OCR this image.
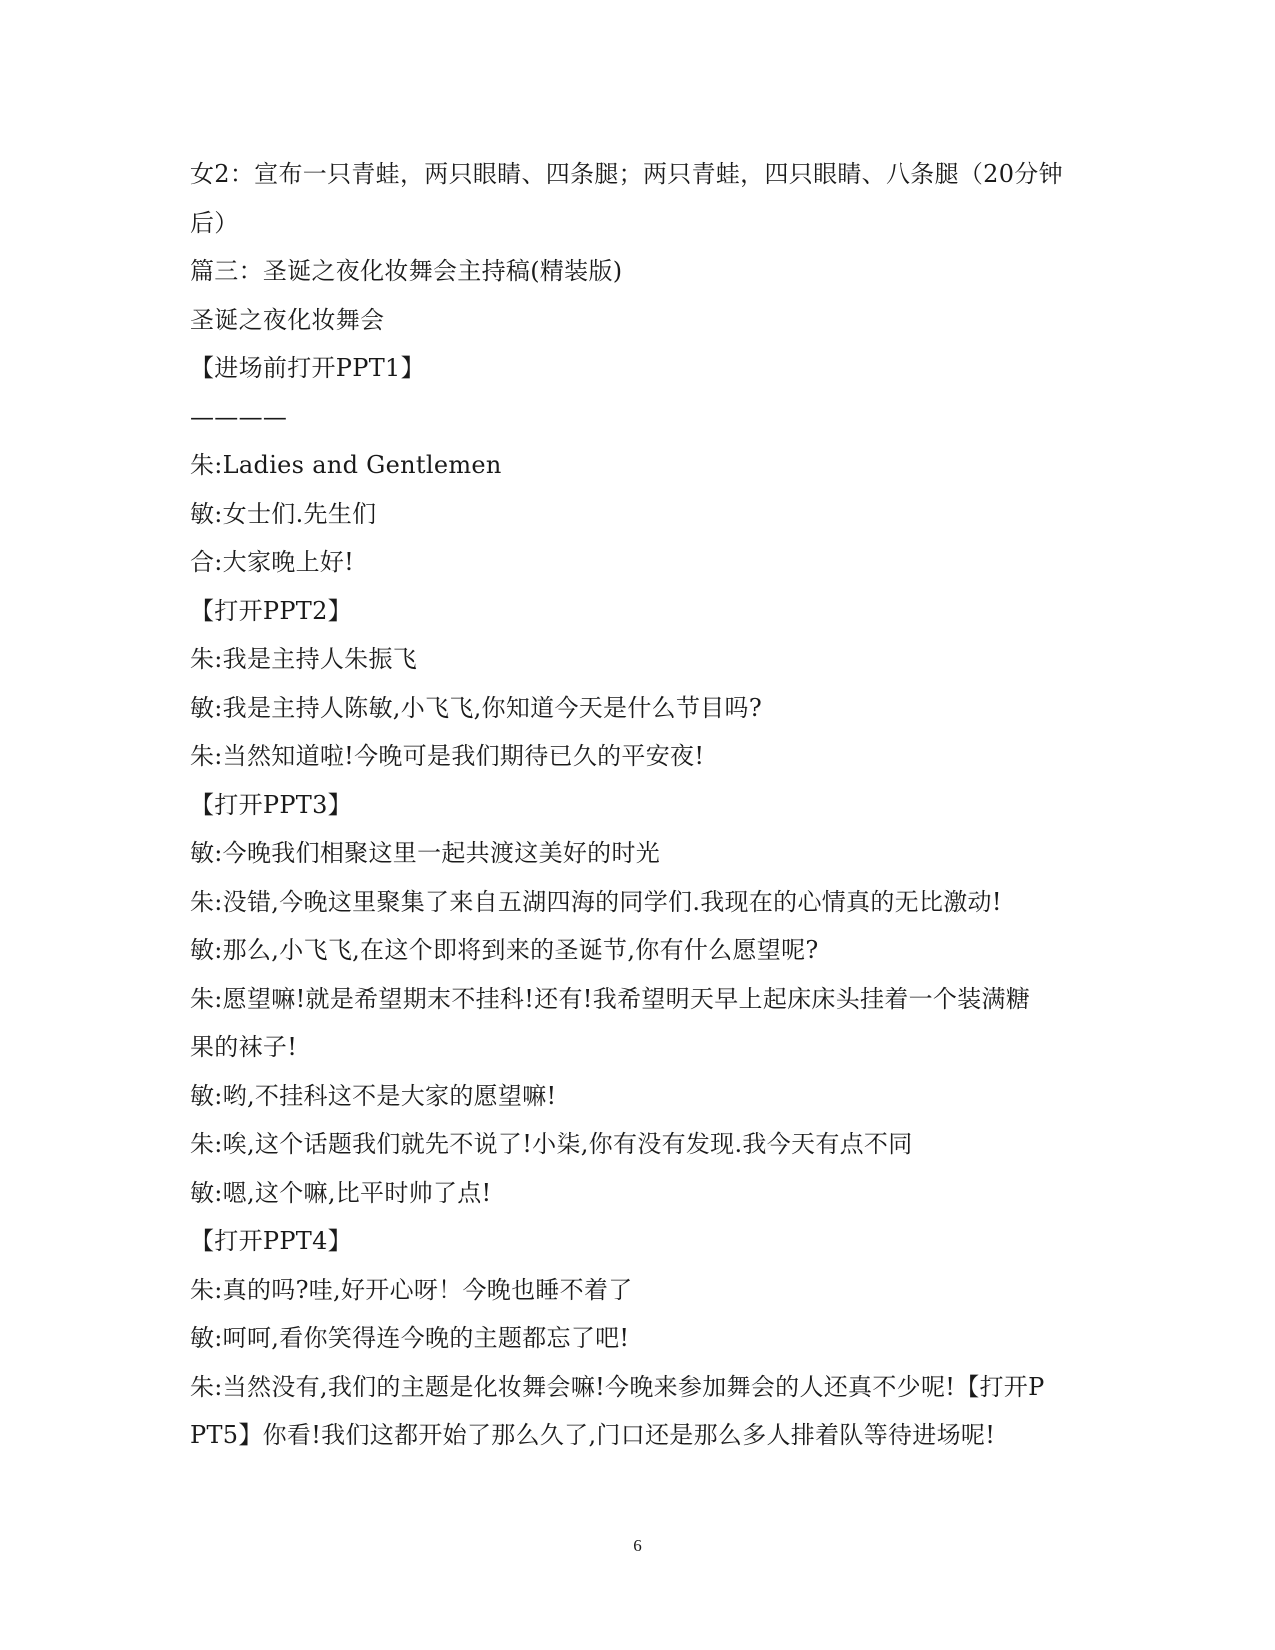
女2：宣布一只青蛙，两只眼睛、四条腿；两只青蛙，四只眼睛、八条腿（20分钟
后）
篇三：圣诞之夜化妆舞会主持稿(精装版)
圣诞之夜化妆舞会
【进场前打开PPT1】
————
朱:Ladies and Gentlemen
敏:女士们.先生们
合:大家晚上好!
【打开PPT2】
朱:我是主持人朱振飞
敏:我是主持人陈敏,小飞飞,你知道今天是什么节目吗?
朱:当然知道啦!今晚可是我们期待已久的平安夜!
【打开PPT3】
敏:今晚我们相聚这里一起共渡这美好的时光
朱:没错,今晚这里聚集了来自五湖四海的同学们.我现在的心情真的无比激动!
敏:那么,小飞飞,在这个即将到来的圣诞节,你有什么愿望呢?
朱:愿望嘛!就是希望期末不挂科!还有!我希望明天早上起床床头挂着一个装满糖
果的袜子!
敏:哟,不挂科这不是大家的愿望嘛!
朱:唉,这个话题我们就先不说了!小柒,你有没有发现.我今天有点不同
敏:嗯,这个嘛,比平时帅了点!
【打开PPT4】
朱:真的吗?哇,好开心呀！今晚也睡不着了
敏:呵呵,看你笑得连今晚的主题都忘了吧!
朱:当然没有,我们的主题是化妆舞会嘛!今晚来参加舞会的人还真不少呢!【打开P
PT5】你看!我们这都开始了那么久了,门口还是那么多人排着队等待进场呢!
6
